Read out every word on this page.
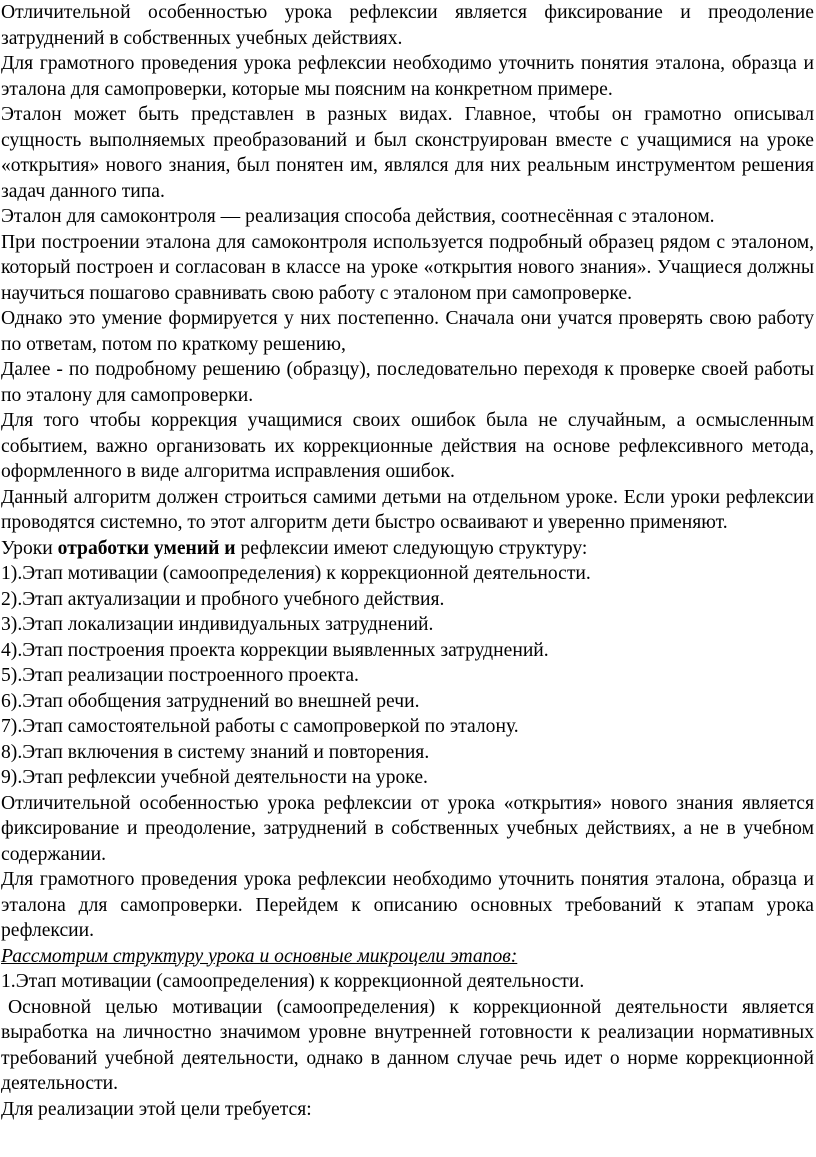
Отличительной особенностью урока рефлексии является фиксирование и преодоление затруднений в собственных учебных действиях.

Для грамотного проведения урока рефлексии необходимо уточнить понятия эталона, образца и эталона для самопроверки, которые мы поясним на конкретном примере.

Эталон может быть представлен в разных видах. Главное, чтобы он грамотно описывал сущность выполняемых преобразований и был сконструирован вместе с учащимися на уроке «открытия» нового знания, был понятен им, являлся для них реальным инструментом решения задач данного типа.

Эталон для самоконтроля — реализация способа действия, соотнесённая с эталоном.

При построении эталона для самоконтроля используется подробный образец рядом с эталоном, который построен и согласован в классе на уроке «открытия нового знания». Учащиеся должны научиться пошагово сравнивать свою работу с эталоном при самопроверке.

Однако это умение формируется у них постепенно. Сначала они учатся проверять свою работу по ответам, потом по краткому решению,

Далее - по подробному решению (образцу), последовательно переходя к проверке своей работы по эталону для самопроверки.

Для того чтобы коррекция учащимися своих ошибок была не случайным, а осмысленным событием, важно организовать их коррекционные действия на основе рефлексивного метода, оформленного в виде алгоритма исправления ошибок.

Данный алгоритм должен строиться самими детьми на отдельном уроке. Если уроки рефлексии проводятся системно, то этот алгоритм дети быстро осваивают и уверенно применяют.

Уроки отработки умений и рефлексии имеют следующую структуру:

1).Этап мотивации (самоопределения) к коррекционной деятельности.

2).Этап актуализации и пробного учебного действия.

3).Этап локализации индивидуальных затруднений.

4).Этап построения проекта коррекции выявленных затруднений.

5).Этап реализации построенного проекта.

6).Этап обобщения затруднений во внешней речи.

7).Этап самостоятельной работы с самопроверкой по эталону.

8).Этап включения в систему знаний и повторения.

9).Этап рефлексии учебной деятельности на уроке.

Отличительной особенностью урока рефлексии от урока «открытия» нового знания является фиксирование и преодоление, затруднений в собственных учебных действиях, а не в учебном содержании.

Для грамотного проведения урока рефлексии необходимо уточнить понятия эталона, образца и эталона для самопроверки. Перейдем к описанию основных требований к этапам урока рефлексии.

Рассмотрим структуру урока и основные микроцели этапов:

1.Этап мотивации (самоопределения) к коррекционной деятельности.

Основной целью мотивации (самоопределения) к коррекционной деятельности является выработка на личностно значимом уровне внутренней готовности к реализации нормативных требований учебной деятельности, однако в данном случае речь идет о норме коррекционной деятельности.

Для реализации этой цели требуется:
